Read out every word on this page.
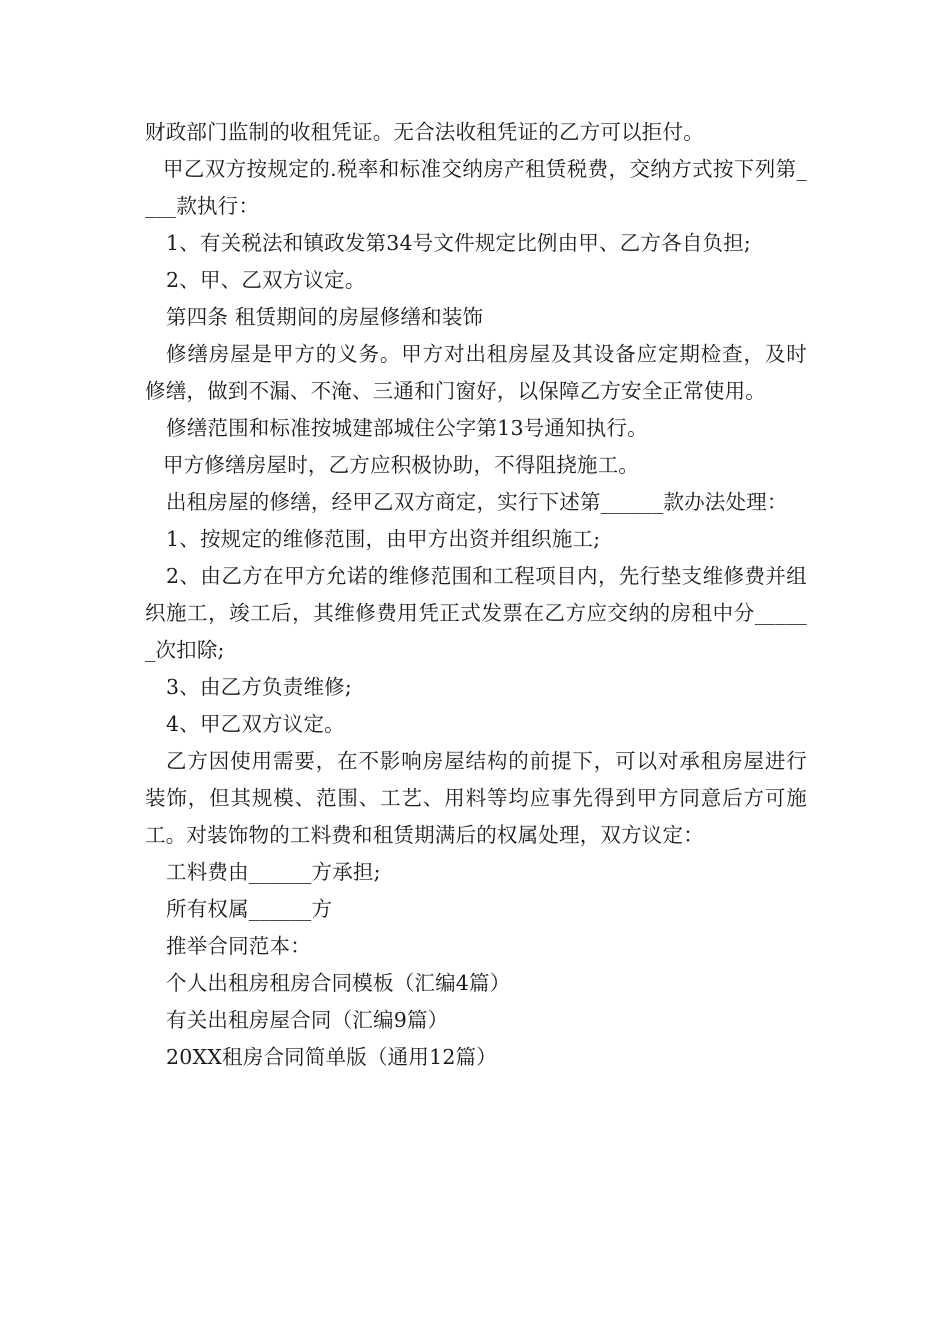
财政部门监制的收租凭证。无合法收租凭证的乙方可以拒付。

甲乙双方按规定的.税率和标准交纳房产租赁税费，交纳方式按下列第____款执行：

1、有关税法和镇政发第34号文件规定比例由甲、乙方各自负担;

2、甲、乙双方议定。

第四条 租赁期间的房屋修缮和装饰

修缮房屋是甲方的义务。甲方对出租房屋及其设备应定期检查，及时修缮，做到不漏、不淹、三通和门窗好，以保障乙方安全正常使用。

修缮范围和标准按城建部城住公字第13号通知执行。

甲方修缮房屋时，乙方应积极协助，不得阻挠施工。

出租房屋的修缮，经甲乙双方商定，实行下述第______款办法处理：

1、按规定的维修范围，由甲方出资并组织施工;

2、由乙方在甲方允诺的维修范围和工程项目内，先行垫支维修费并组织施工，竣工后，其维修费用凭正式发票在乙方应交纳的房租中分______次扣除;

3、由乙方负责维修;

4、甲乙双方议定。

乙方因使用需要，在不影响房屋结构的前提下，可以对承租房屋进行装饰，但其规模、范围、工艺、用料等均应事先得到甲方同意后方可施工。对装饰物的工料费和租赁期满后的权属处理，双方议定：

工料费由______方承担;

所有权属______方

推举合同范本：

个人出租房租房合同模板（汇编4篇）

有关出租房屋合同（汇编9篇）

20XX租房合同简单版（通用12篇）
